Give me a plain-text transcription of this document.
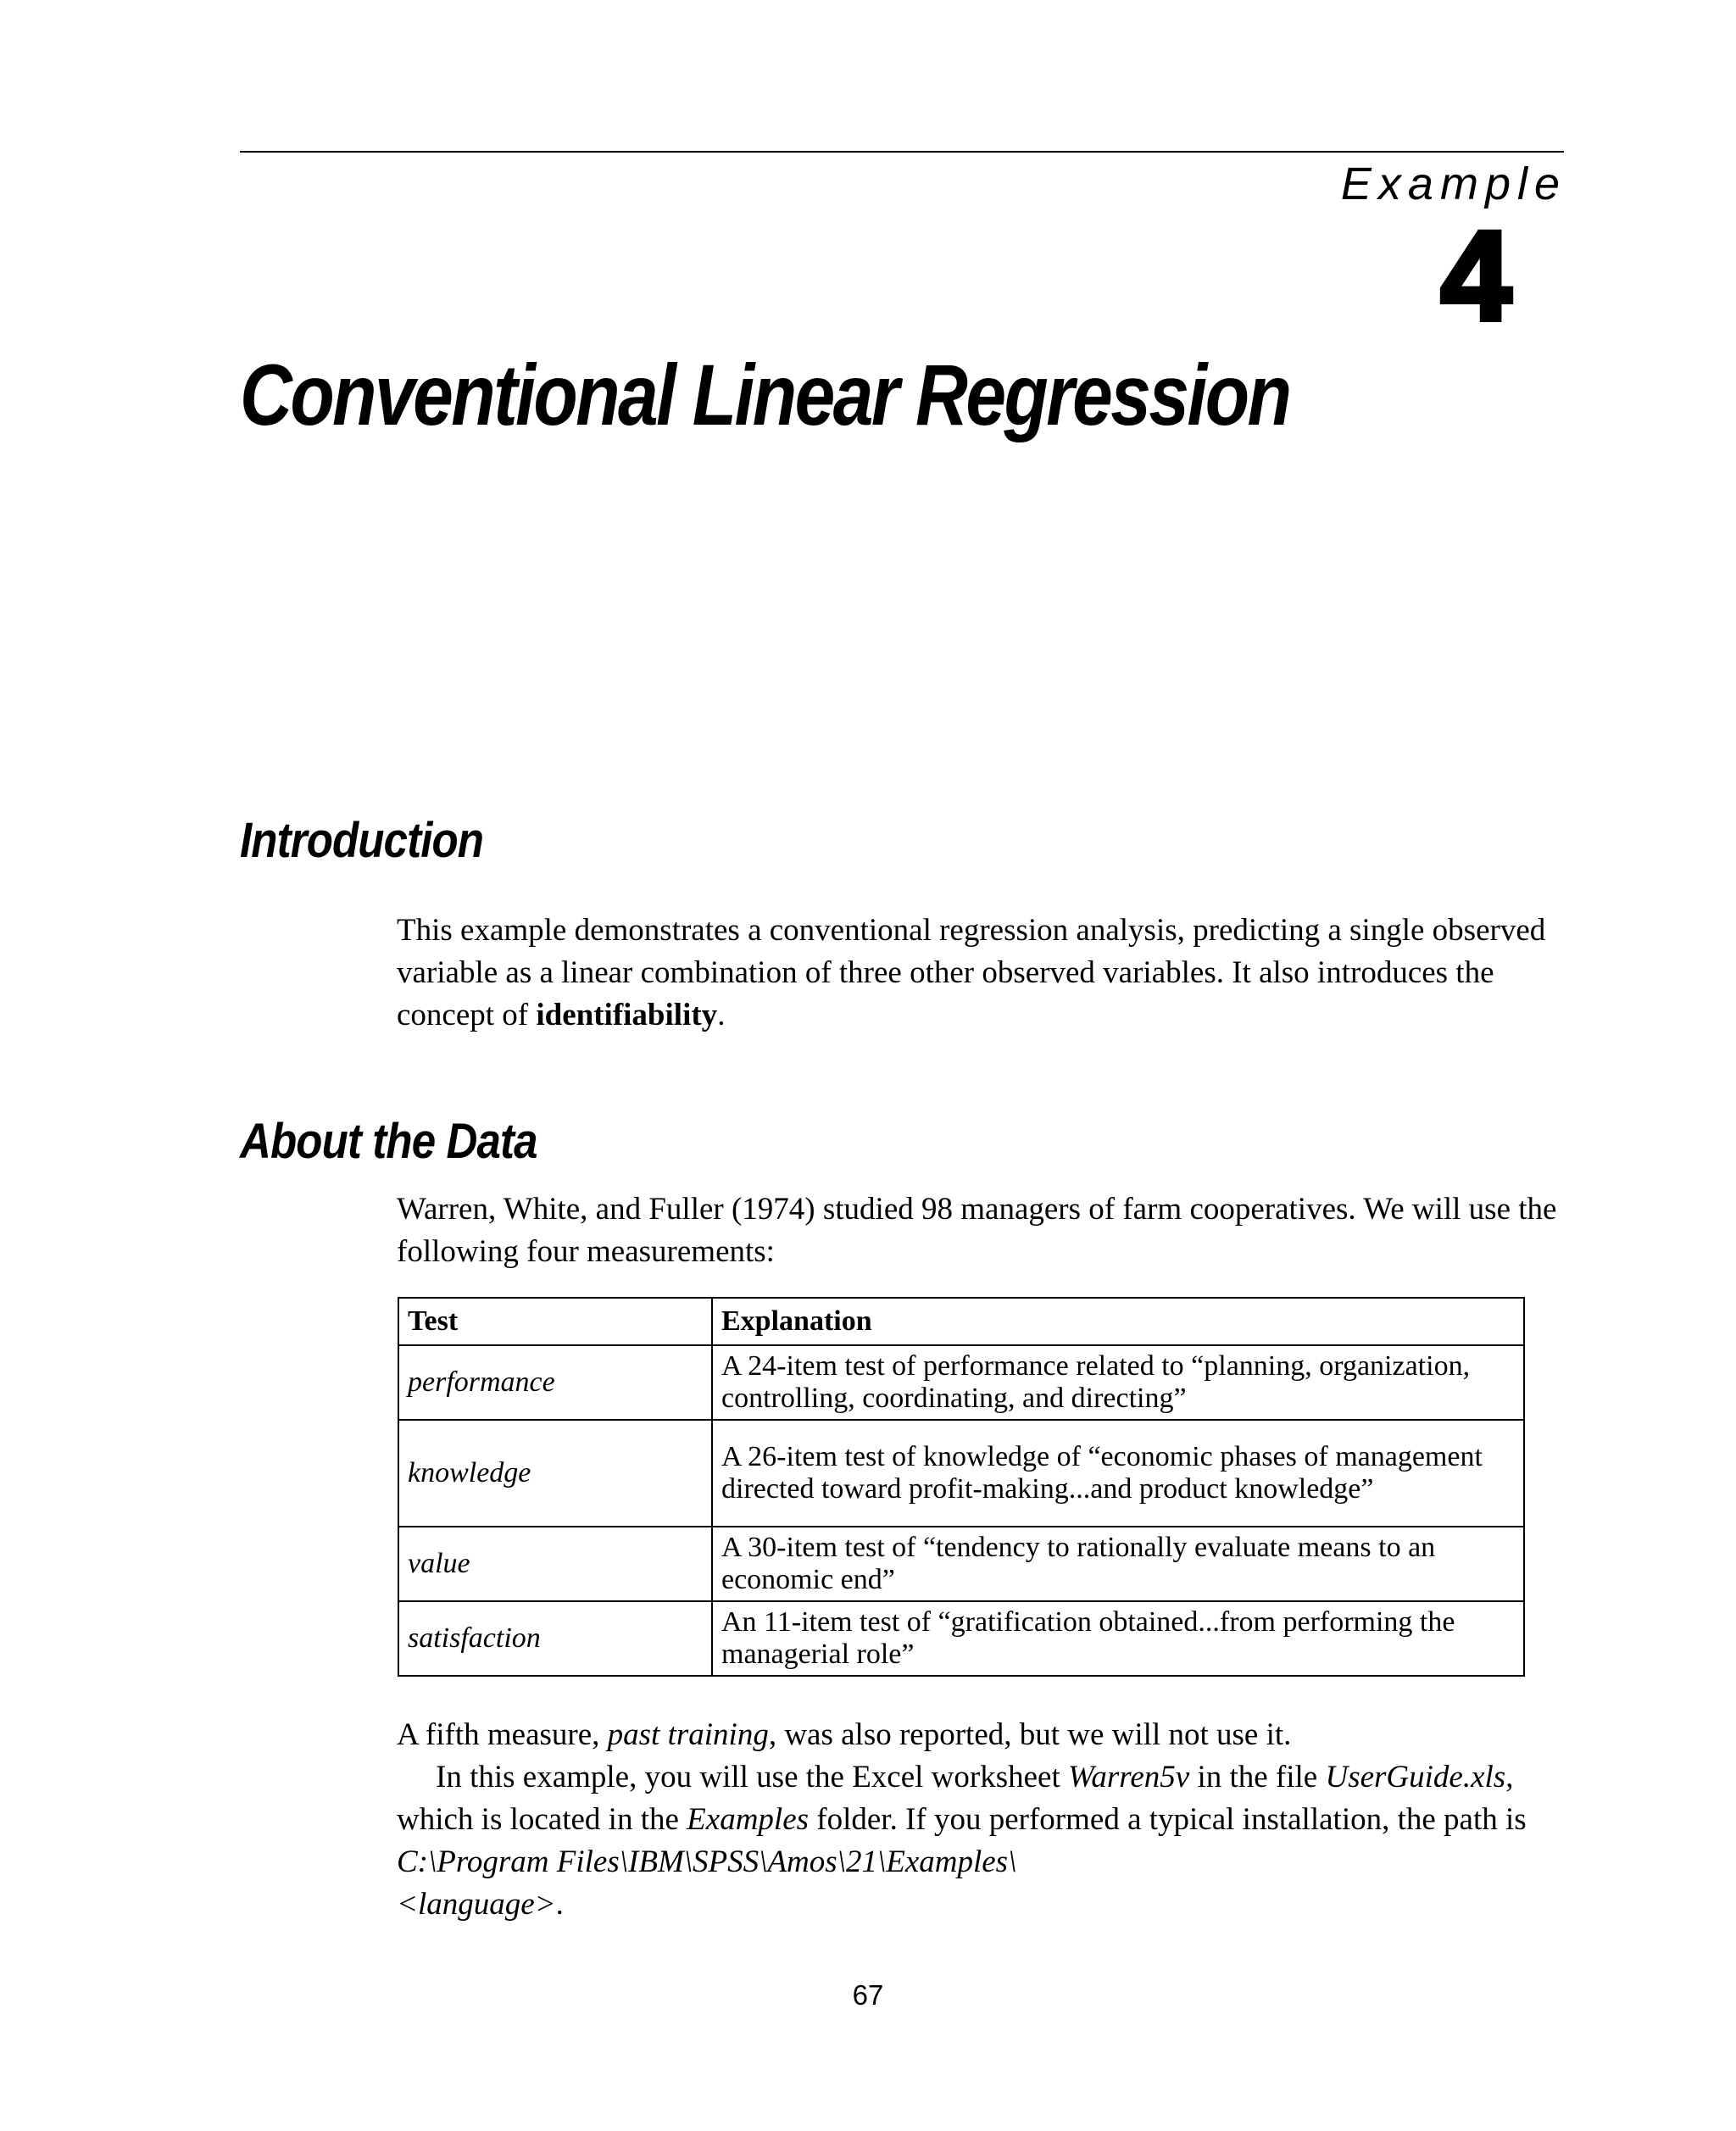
Example
4
Conventional Linear Regression
Introduction

This example demonstrates a conventional regression analysis, predicting a single observed variable as a linear combination of three other observed variables. It also introduces the concept of identifiability.

About the Data

Warren, White, and Fuller (1974) studied 98 managers of farm cooperatives. We will use the following four measurements:

Test	Explanation
performance	A 24-item test of performance related to “planning, organization, controlling, coordinating, and directing”
knowledge	A 26-item test of knowledge of “economic phases of management directed toward profit-making...and product knowledge”
value	A 30-item test of “tendency to rationally evaluate means to an economic end”
satisfaction	An 11-item test of “gratification obtained...from performing the managerial role”
A fifth measure, past training, was also reported, but we will not use it.
In this example, you will use the Excel worksheet Warren5v in the file UserGuide.xls, which is located in the Examples folder. If you performed a typical installation, the path is C:\Program Files\IBM\SPSS\Amos\21\Examples\
<language>.
67
